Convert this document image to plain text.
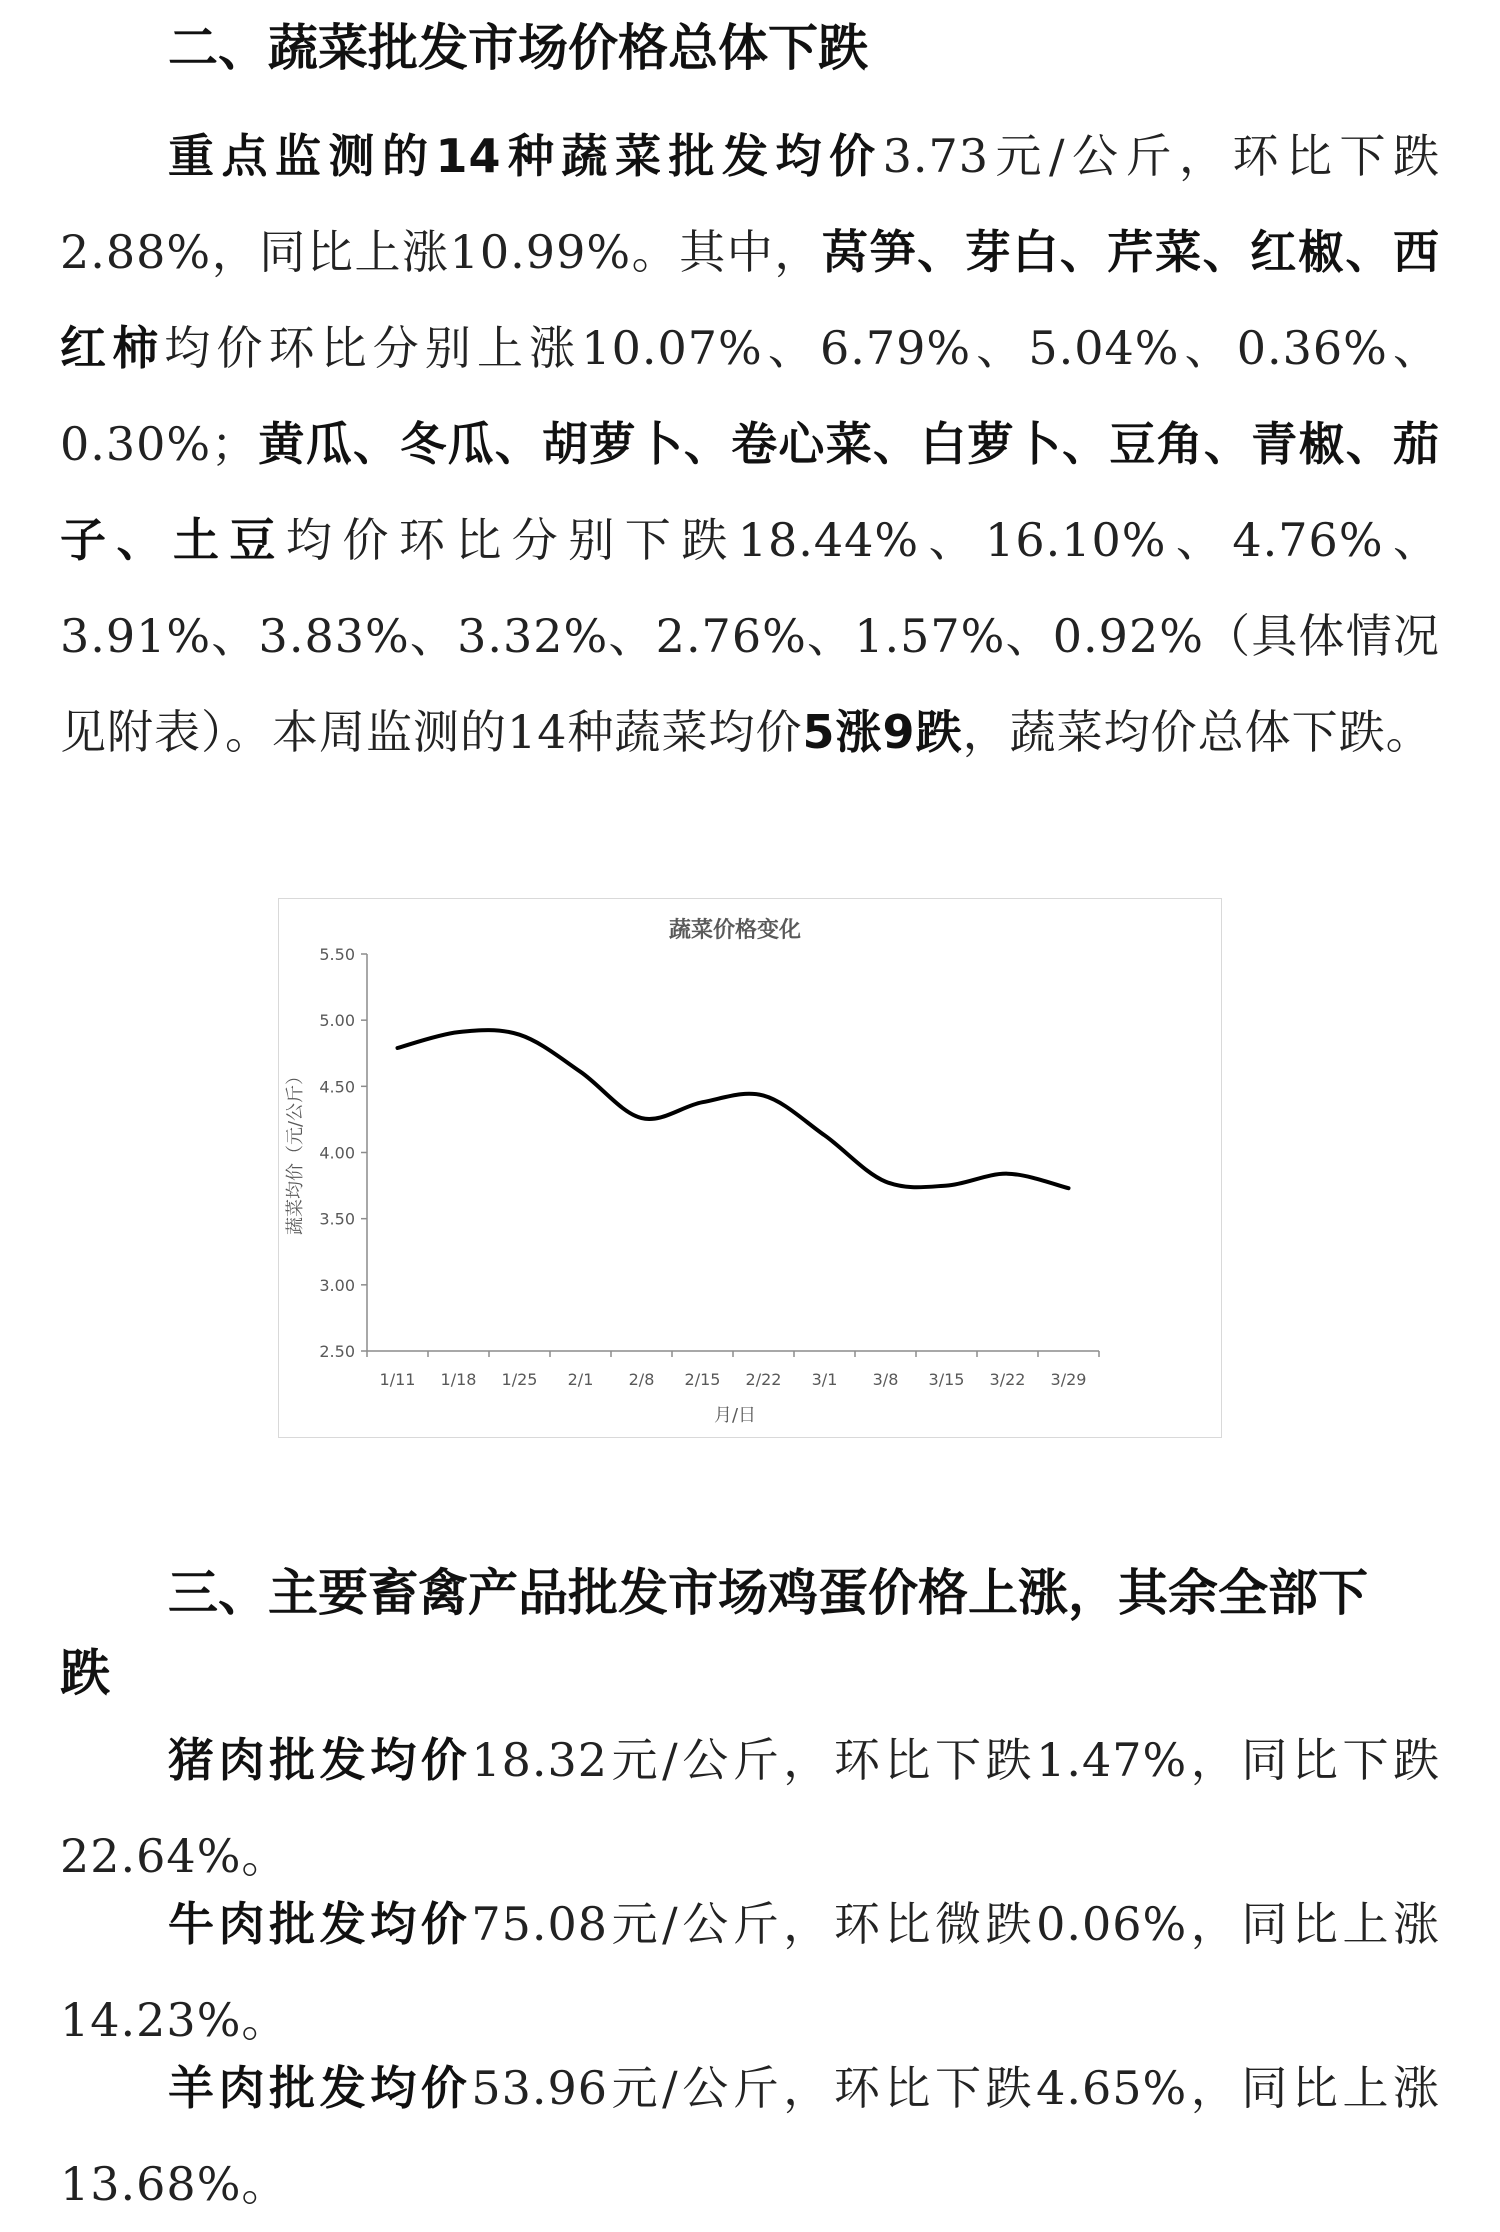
二、蔬菜批发市场价格总体下跌
重点监测的14种蔬菜批发均价3.73元/公斤，环比下跌2.88%，同比上涨10.99%。其中，莴笋、芽白、芹菜、红椒、西红柿均价环比分别上涨10.07%、6.79%、5.04%、0.36%、0.30%；黄瓜、冬瓜、胡萝卜、卷心菜、白萝卜、豆角、青椒、茄子、土豆均价环比分别下跌18.44%、16.10%、4.76%、3.91%、3.83%、3.32%、2.76%、1.57%、0.92%（具体情况见附表）。本周监测的14种蔬菜均价5涨9跌，蔬菜均价总体下跌。
蔬菜价格变化
月/日
蔬菜均价（元/公斤）
5.50
5.00
4.50
4.00
3.50
3.00
2.50
1/11 1/18 1/25 2/1 2/8 2/15 2/22 3/1 3/8 3/15 3/22 3/29
三、主要畜禽产品批发市场鸡蛋价格上涨，其余全部下
跌
猪肉批发均价18.32元/公斤，环比下跌1.47%，同比下跌22.64%。
牛肉批发均价75.08元/公斤，环比微跌0.06%，同比上涨14.23%。
羊肉批发均价53.96元/公斤，环比下跌4.65%，同比上涨13.68%。
